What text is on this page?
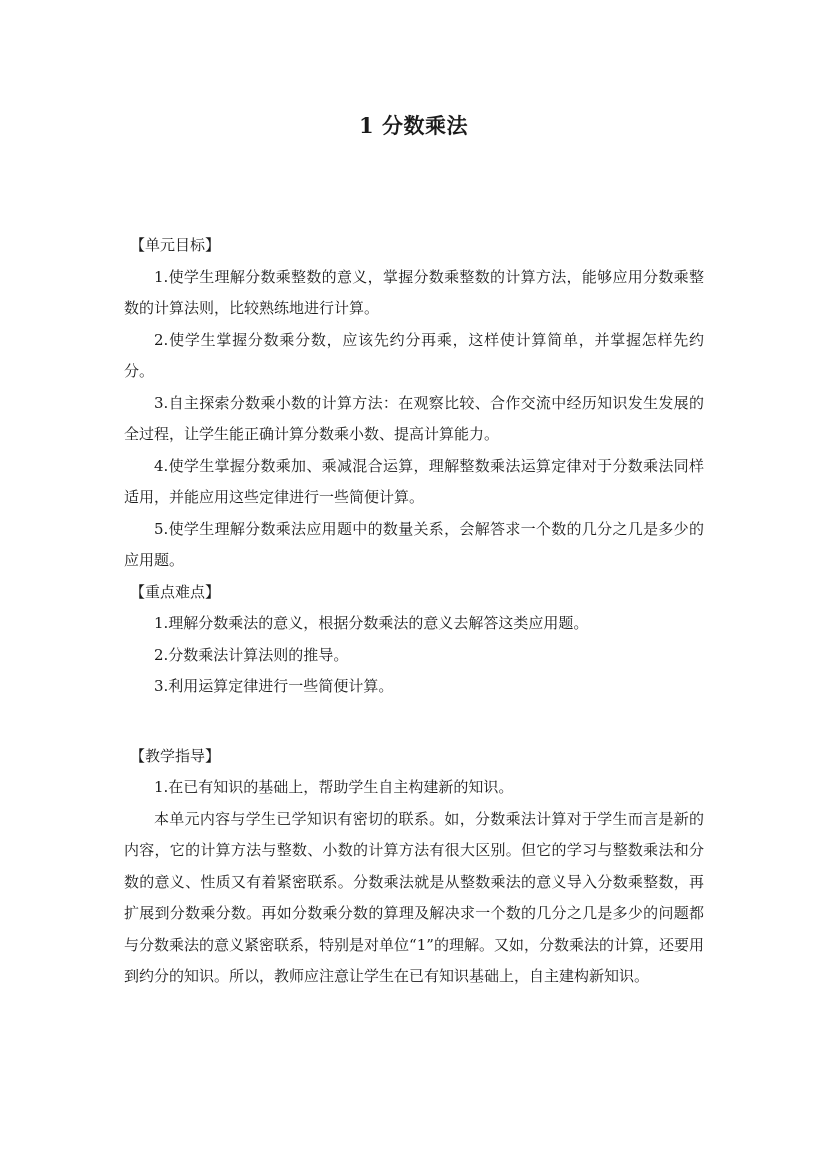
1 分数乘法

【单元目标】

1.使学生理解分数乘整数的意义，掌握分数乘整数的计算方法，能够应用分数乘整数的计算法则，比较熟练地进行计算。

2.使学生掌握分数乘分数，应该先约分再乘，这样使计算简单，并掌握怎样先约分。

3.自主探索分数乘小数的计算方法：在观察比较、合作交流中经历知识发生发展的全过程，让学生能正确计算分数乘小数、提高计算能力。

4.使学生掌握分数乘加、乘减混合运算，理解整数乘法运算定律对于分数乘法同样适用，并能应用这些定律进行一些简便计算。

5.使学生理解分数乘法应用题中的数量关系，会解答求一个数的几分之几是多少的应用题。

【重点难点】

1.理解分数乘法的意义，根据分数乘法的意义去解答这类应用题。

2.分数乘法计算法则的推导。

3.利用运算定律进行一些简便计算。

【教学指导】

1.在已有知识的基础上，帮助学生自主构建新的知识。

本单元内容与学生已学知识有密切的联系。如，分数乘法计算对于学生而言是新的内容，它的计算方法与整数、小数的计算方法有很大区别。但它的学习与整数乘法和分数的意义、性质又有着紧密联系。分数乘法就是从整数乘法的意义导入分数乘整数，再扩展到分数乘分数。再如分数乘分数的算理及解决求一个数的几分之几是多少的问题都与分数乘法的意义紧密联系，特别是对单位“1”的理解。又如，分数乘法的计算，还要用到约分的知识。所以，教师应注意让学生在已有知识基础上，自主建构新知识。
